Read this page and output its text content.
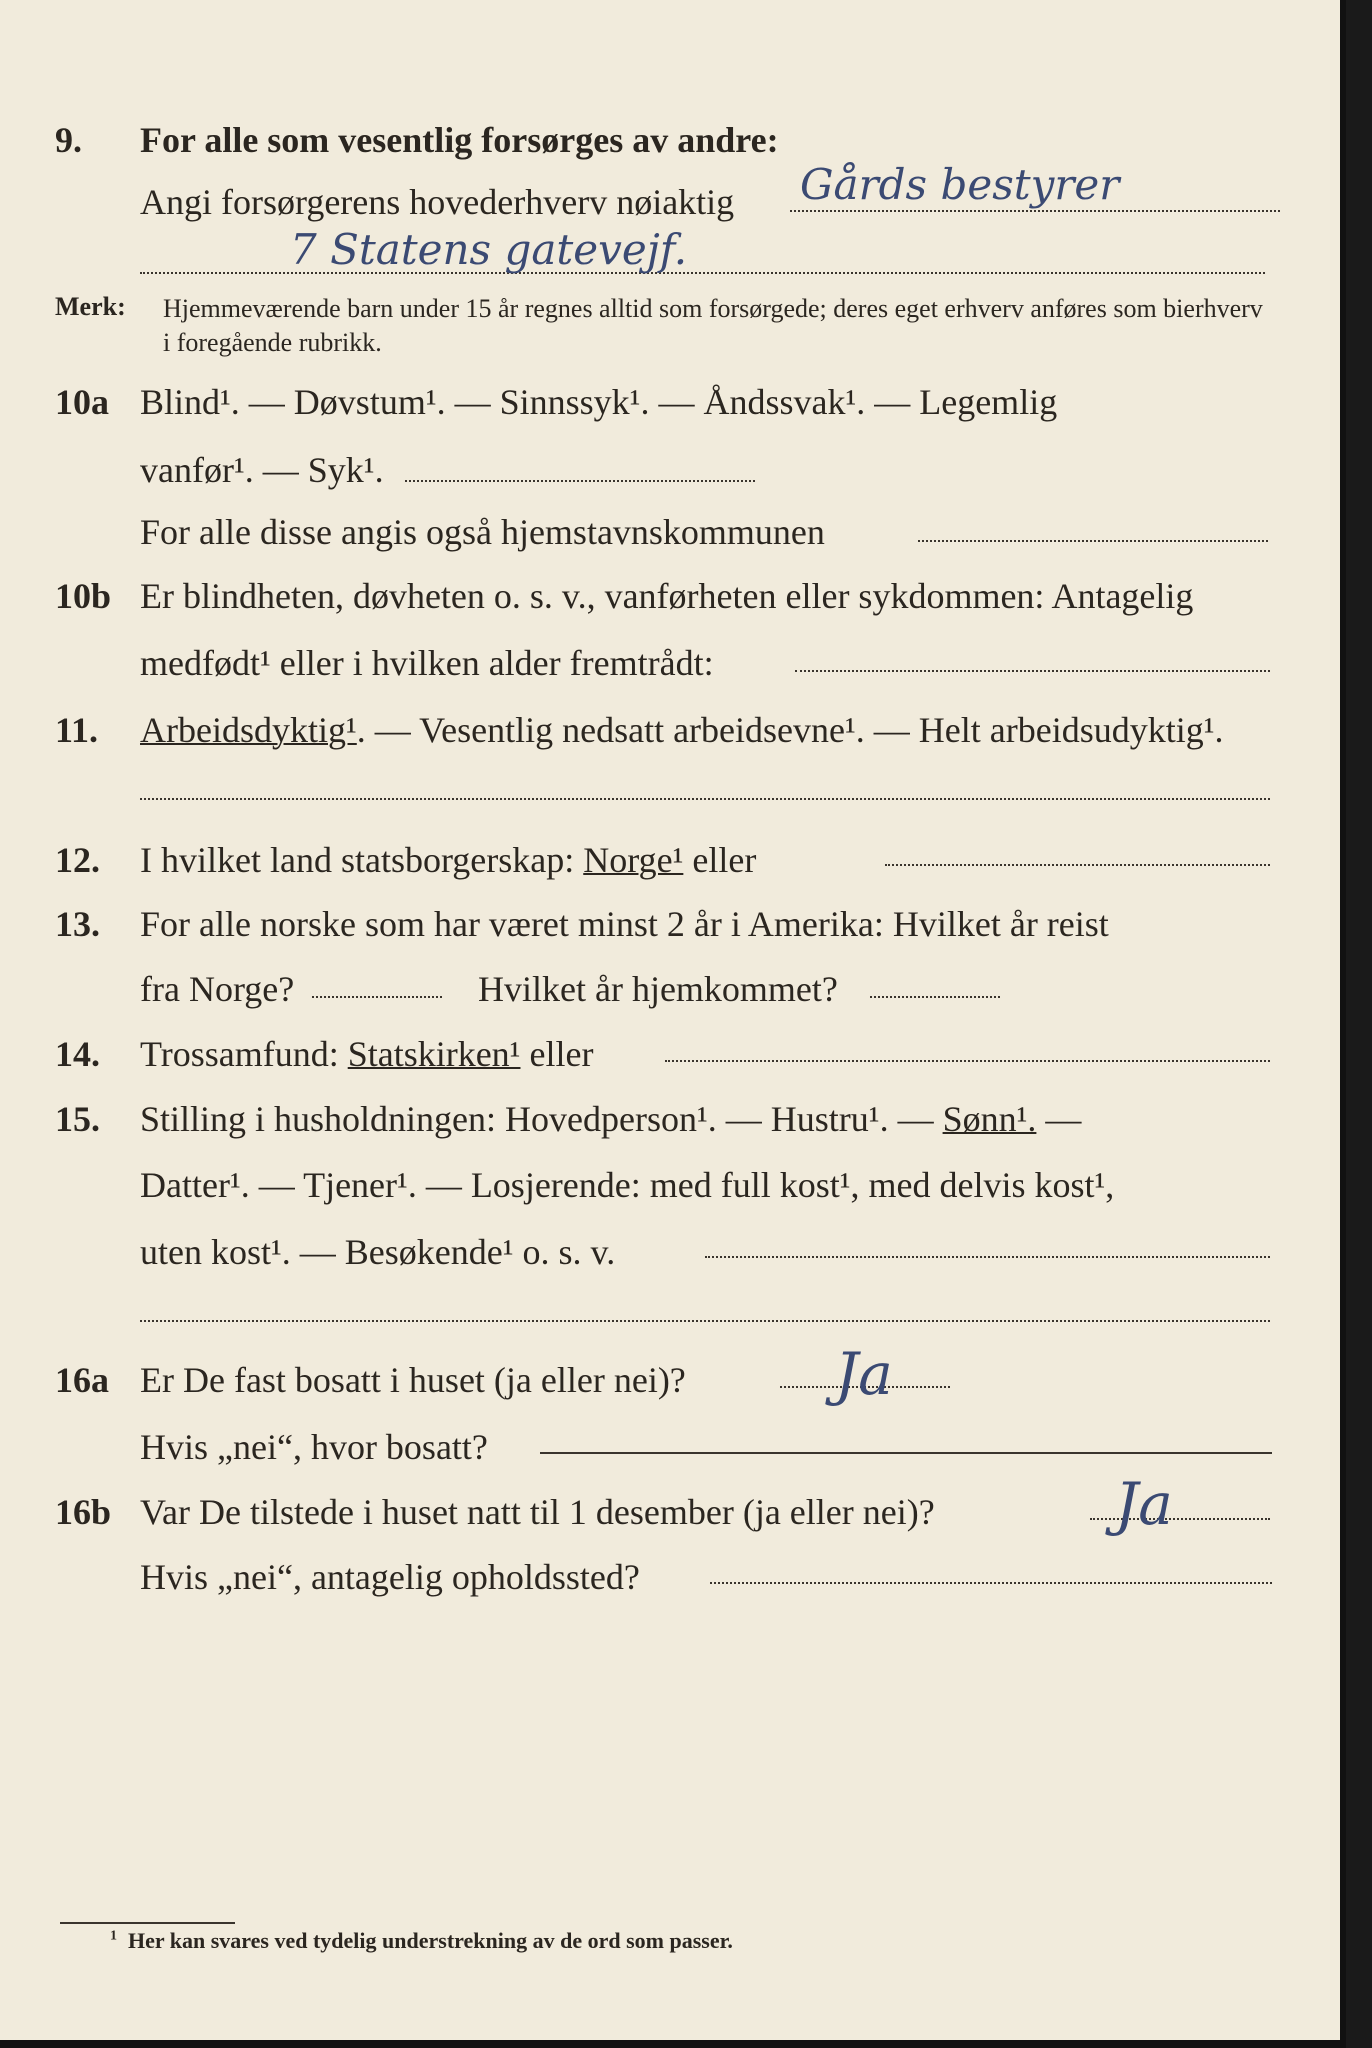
9. For alle som vesentlig forsørges av andre:
Angi forsørgerens hovederhverv nøiaktig Gårds bestyrer
7 Statens gatevejf.
Merk: Hjemmeværende barn under 15 år regnes alltid som forsørgede; deres eget erhverv anføres som bierhverv i foregående rubrikk.
10a Blind¹. — Døvstum¹. — Sinnssyk¹. — Åndssvak¹. — Legemlig
vanfør¹. — Syk¹.
For alle disse angis også hjemstavnskommunen
10b Er blindheten, døvheten o. s. v., vanførheten eller sykdommen: Antagelig
medfødt¹ eller i hvilken alder fremtrådt:
11. Arbeidsdyktig¹. — Vesentlig nedsatt arbeidsevne¹. — Helt arbeidsudyktig¹.
12. I hvilket land statsborgerskap: Norge¹ eller
13. For alle norske som har været minst 2 år i Amerika: Hvilket år reist
fra Norge?	Hvilket år hjemkommet?
14. Trossamfund: Statskirken¹ eller
15. Stilling i husholdningen: Hovedperson¹. — Hustru¹. — Sønn¹. —
Datter¹. — Tjener¹. — Losjerende: med full kost¹, med delvis kost¹,
uten kost¹. — Besøkende¹ o. s. v.
16a Er De fast bosatt i huset (ja eller nei)?	Ja
Hvis „nei“, hvor bosatt?
16b Var De tilstede i huset natt til 1 desember (ja eller nei)?	Ja
Hvis „nei“, antagelig opholdssted?
$^1$ Her kan svares ved tydelig understrekning av de ord som passer.
